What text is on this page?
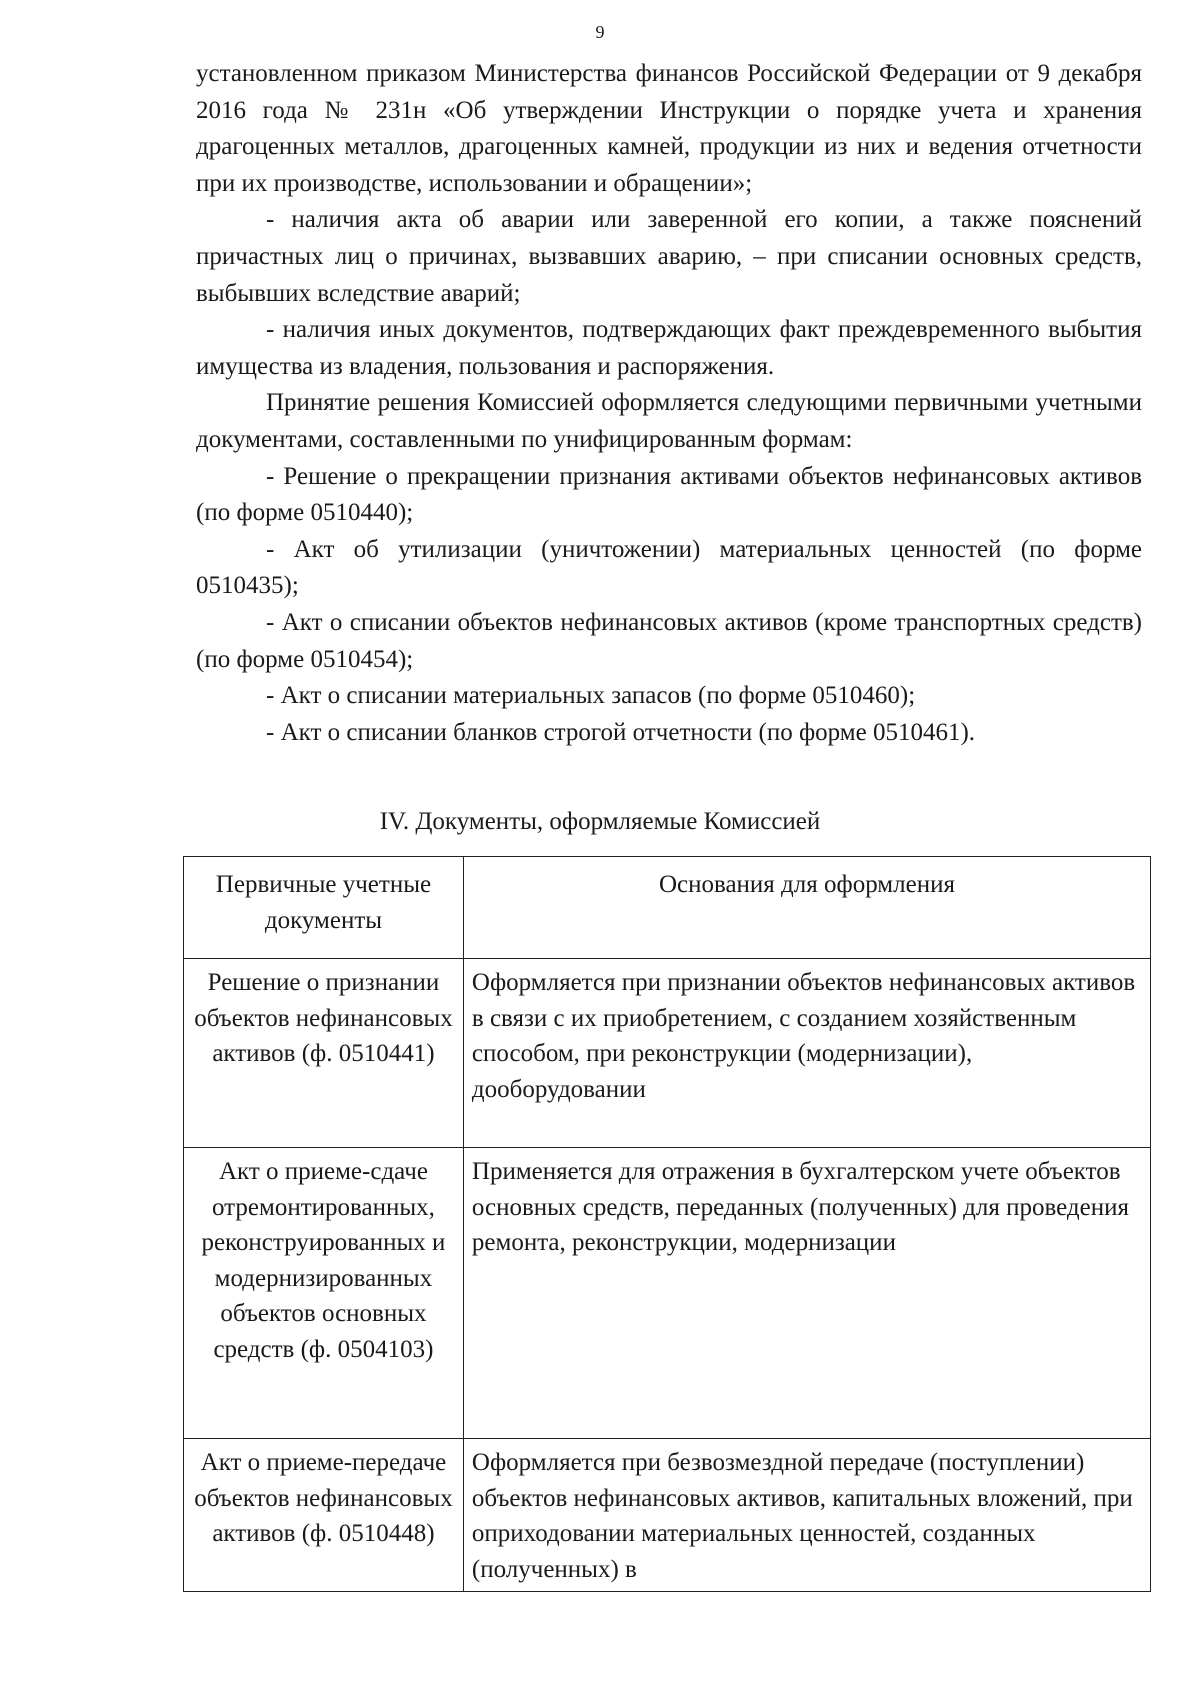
9

установленном приказом Министерства финансов Российской Федерации от 9 декабря 2016 года № 231н «Об утверждении Инструкции о порядке учета и хранения драгоценных металлов, драгоценных камней, продукции из них и ведения отчетности при их производстве, использовании и обращении»;

- наличия акта об аварии или заверенной его копии, а также пояснений причастных лиц о причинах, вызвавших аварию, – при списании основных средств, выбывших вследствие аварий;

- наличия иных документов, подтверждающих факт преждевременного выбытия имущества из владения, пользования и распоряжения.

Принятие решения Комиссией оформляется следующими первичными учетными документами, составленными по унифицированным формам:

- Решение о прекращении признания активами объектов нефинансовых активов (по форме 0510440);

- Акт об утилизации (уничтожении) материальных ценностей (по форме 0510435);

- Акт о списании объектов нефинансовых активов (кроме транспортных средств) (по форме 0510454);

- Акт о списании материальных запасов (по форме 0510460);

- Акт о списании бланков строгой отчетности (по форме 0510461).

IV. Документы, оформляемые Комиссией
Первичные учетные документы	Основания для оформления
Решение о признании объектов нефинансовых активов (ф. 0510441)	Оформляется при признании объектов нефинансовых активов в связи с их приобретением, с созданием хозяйственным способом, при реконструкции (модернизации), дооборудовании
Акт о приеме-сдаче отремонтированных, реконструированных и модернизированных объектов основных средств (ф. 0504103)	Применяется для отражения в бухгалтерском учете объектов основных средств, переданных (полученных) для проведения ремонта, реконструкции, модернизации
Акт о приеме-передаче объектов нефинансовых активов (ф. 0510448)	Оформляется при безвозмездной передаче (поступлении) объектов нефинансовых активов, капитальных вложений, при оприходовании материальных ценностей, созданных (полученных) в
